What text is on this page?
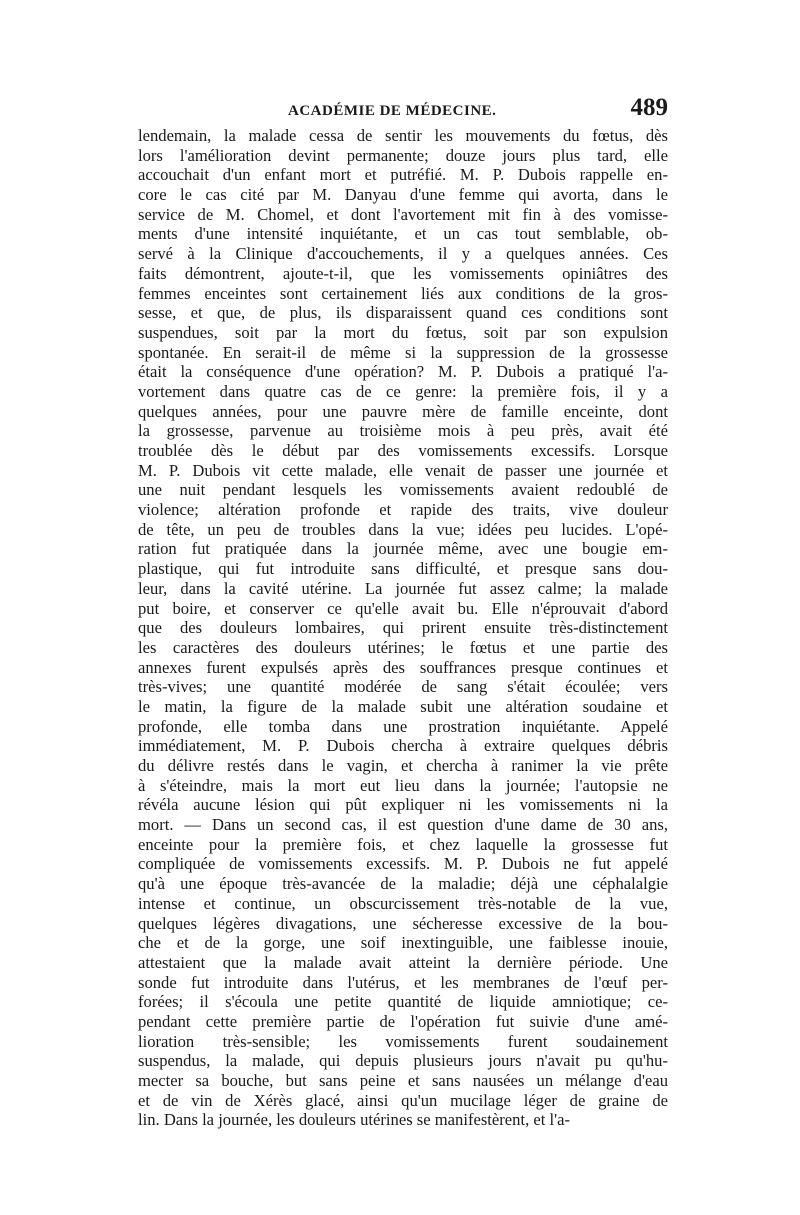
ACADÉMIE DE MÉDECINE.	489
lendemain, la malade cessa de sentir les mouvements du fœtus, dès
lors l'amélioration devint permanente; douze jours plus tard, elle
accouchait d'un enfant mort et putréfié. M. P. Dubois rappelle en-
core le cas cité par M. Danyau d'une femme qui avorta, dans le
service de M. Chomel, et dont l'avortement mit fin à des vomisse-
ments d'une intensité inquiétante, et un cas tout semblable, ob-
servé à la Clinique d'accouchements, il y a quelques années. Ces
faits démontrent, ajoute-t-il, que les vomissements opiniâtres des
femmes enceintes sont certainement liés aux conditions de la gros-
sesse, et que, de plus, ils disparaissent quand ces conditions sont
suspendues, soit par la mort du fœtus, soit par son expulsion
spontanée. En serait-il de même si la suppression de la grossesse
était la conséquence d'une opération? M. P. Dubois a pratiqué l'a-
vortement dans quatre cas de ce genre: la première fois, il y a
quelques années, pour une pauvre mère de famille enceinte, dont
la grossesse, parvenue au troisième mois à peu près, avait été
troublée dès le début par des vomissements excessifs. Lorsque
M. P. Dubois vit cette malade, elle venait de passer une journée et
une nuit pendant lesquels les vomissements avaient redoublé de
violence; altération profonde et rapide des traits, vive douleur
de tête, un peu de troubles dans la vue; idées peu lucides. L'opé-
ration fut pratiquée dans la journée même, avec une bougie em-
plastique, qui fut introduite sans difficulté, et presque sans dou-
leur, dans la cavité utérine. La journée fut assez calme; la malade
put boire, et conserver ce qu'elle avait bu. Elle n'éprouvait d'abord
que des douleurs lombaires, qui prirent ensuite très-distinctement
les caractères des douleurs utérines; le fœtus et une partie des
annexes furent expulsés après des souffrances presque continues et
très-vives; une quantité modérée de sang s'était écoulée; vers
le matin, la figure de la malade subit une altération soudaine et
profonde, elle tomba dans une prostration inquiétante. Appelé
immédiatement, M. P. Dubois chercha à extraire quelques débris
du délivre restés dans le vagin, et chercha à ranimer la vie prête
à s'éteindre, mais la mort eut lieu dans la journée; l'autopsie ne
révéla aucune lésion qui pût expliquer ni les vomissements ni la
mort. — Dans un second cas, il est question d'une dame de 30 ans,
enceinte pour la première fois, et chez laquelle la grossesse fut
compliquée de vomissements excessifs. M. P. Dubois ne fut appelé
qu'à une époque très-avancée de la maladie; déjà une céphalalgie
intense et continue, un obscurcissement très-notable de la vue,
quelques légères divagations, une sécheresse excessive de la bou-
che et de la gorge, une soif inextinguible, une faiblesse inouie,
attestaient que la malade avait atteint la dernière période. Une
sonde fut introduite dans l'utérus, et les membranes de l'œuf per-
forées; il s'écoula une petite quantité de liquide amniotique; ce-
pendant cette première partie de l'opération fut suivie d'une amé-
lioration très-sensible; les vomissements furent soudainement
suspendus, la malade, qui depuis plusieurs jours n'avait pu qu'hu-
mecter sa bouche, but sans peine et sans nausées un mélange d'eau
et de vin de Xérès glacé, ainsi qu'un mucilage léger de graine de
lin. Dans la journée, les douleurs utérines se manifestèrent, et l'a-
